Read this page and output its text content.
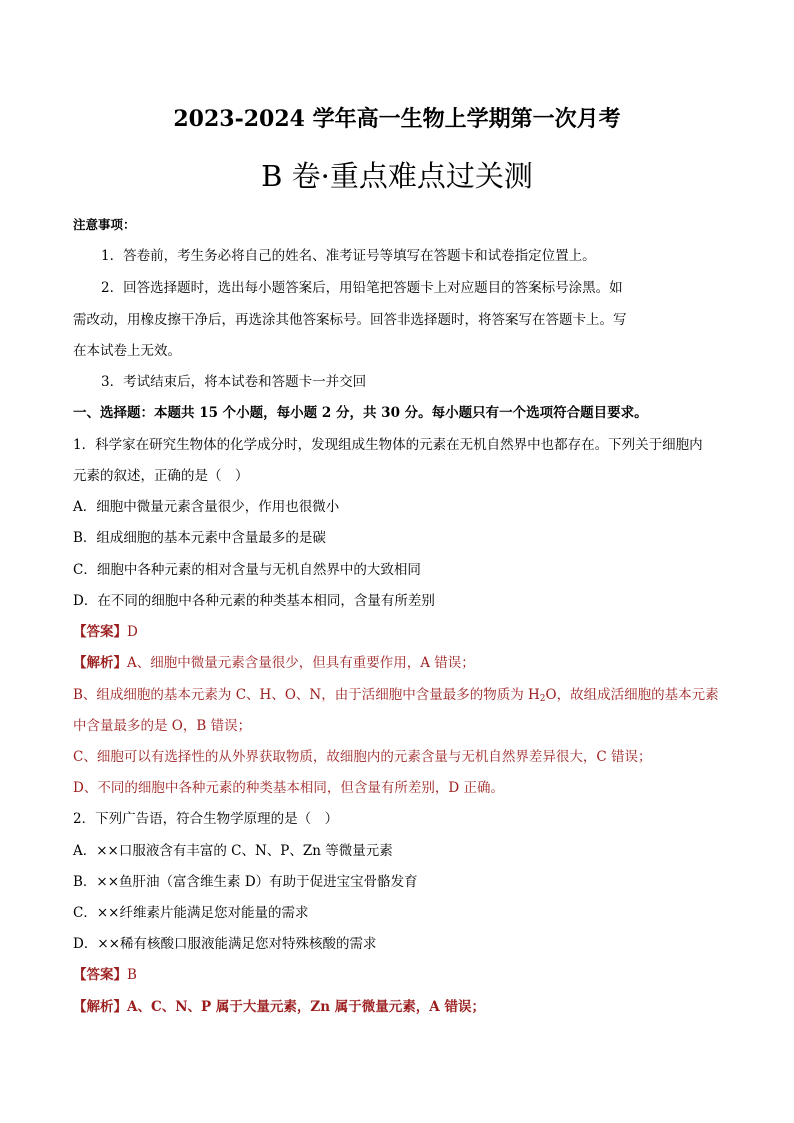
2023-2024 学年高一生物上学期第一次月考
B 卷·重点难点过关测
注意事项：
1．答卷前，考生务必将自己的姓名、准考证号等填写在答题卡和试卷指定位置上。
2．回答选择题时，选出每小题答案后，用铅笔把答题卡上对应题目的答案标号涂黑。如
需改动，用橡皮擦干净后，再选涂其他答案标号。回答非选择题时，将答案写在答题卡上。写
在本试卷上无效。
3．考试结束后，将本试卷和答题卡一并交回
一、选择题：本题共 15 个小题，每小题 2 分，共 30 分。每小题只有一个选项符合题目要求。
1．科学家在研究生物体的化学成分时，发现组成生物体的元素在无机自然界中也都存在。下列关于细胞内
元素的叙述，正确的是（　）
A．细胞中微量元素含量很少，作用也很微小
B．组成细胞的基本元素中含量最多的是碳
C．细胞中各种元素的相对含量与无机自然界中的大致相同
D．在不同的细胞中各种元素的种类基本相同，含量有所差别
【答案】D
【解析】A、细胞中微量元素含量很少，但具有重要作用，A 错误；
B、组成细胞的基本元素为 C、H、O、N，由于活细胞中含量最多的物质为 $H_2O$，故组成活细胞的基本元素
中含量最多的是 O，B 错误；
C、细胞可以有选择性的从外界获取物质，故细胞内的元素含量与无机自然界差异很大，C 错误；
D、不同的细胞中各种元素的种类基本相同，但含量有所差别，D 正确。
2．下列广告语，符合生物学原理的是（　）
A．××口服液含有丰富的 C、N、P、Zn 等微量元素
B．××鱼肝油（富含维生素 D）有助于促进宝宝骨骼发育
C．××纤维素片能满足您对能量的需求
D．××稀有核酸口服液能满足您对特殊核酸的需求
【答案】B
【解析】A、C、N、P 属于大量元素，Zn 属于微量元素，A 错误；
